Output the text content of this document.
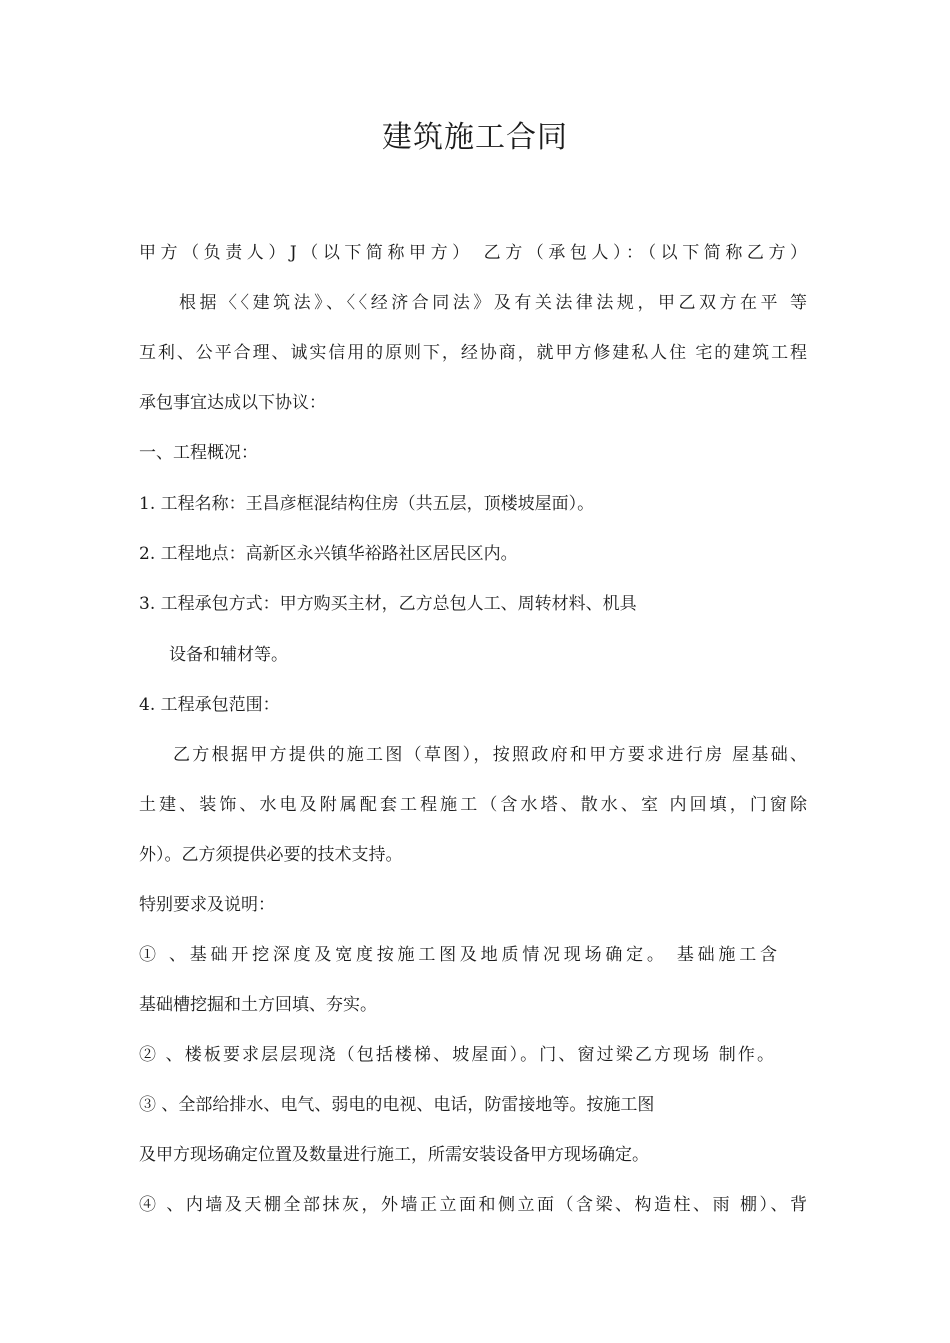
建筑施工合同
甲方（负责人）J（以下简称甲方） 乙方（承包人）：（以下简称乙方）
根据〈〈建筑法》、〈〈经济合同法》及有关法律法规，甲乙双方在平 等
互利、公平合理、诚实信用的原则下，经协商，就甲方修建私人住 宅的建筑工程
承包事宜达成以下协议：
一、工程概况：
1. 工程名称：王昌彦框混结构住房（共五层，顶楼坡屋面）。
2. 工程地点：高新区永兴镇华裕路社区居民区内。
3. 工程承包方式：甲方购买主材，乙方总包人工、周转材料、机具
设备和辅材等。
4. 工程承包范围：
乙方根据甲方提供的施工图（草图），按照政府和甲方要求进行房 屋基础、
土建、装饰、水电及附属配套工程施工（含水塔、散水、室 内回填，门窗除
外）。乙方须提供必要的技术支持。
特别要求及说明：
① 、基础开挖深度及宽度按施工图及地质情况现场确定。 基础施工含
基础槽挖掘和土方回填、夯实。
② 、楼板要求层层现浇（包括楼梯、坡屋面）。门、窗过梁乙方现场 制作。
③ 、全部给排水、电气、弱电的电视、电话，防雷接地等。按施工图
及甲方现场确定位置及数量进行施工，所需安装设备甲方现场确定。
④ 、内墙及天棚全部抹灰，外墙正立面和侧立面（含梁、构造柱、雨 棚）、背
